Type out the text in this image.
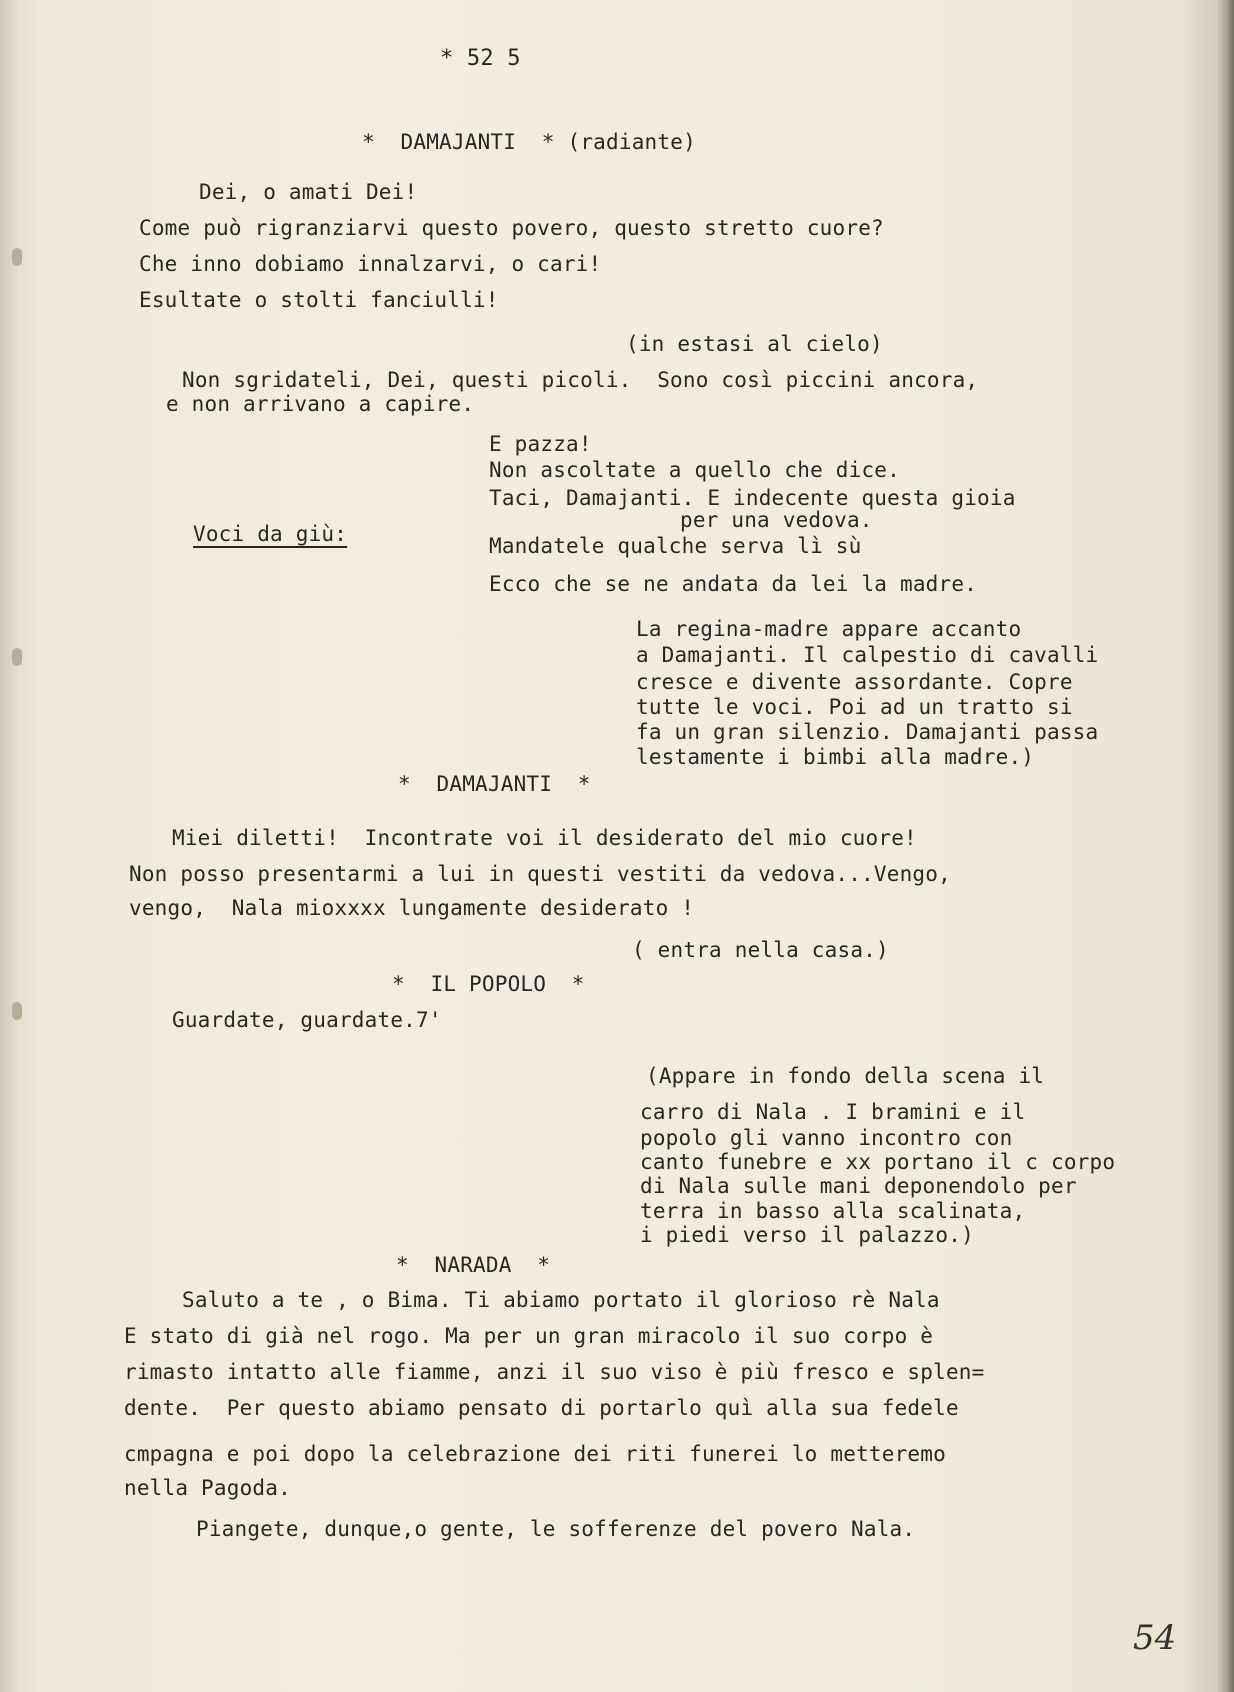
* 52 5
*  DAMAJANTI  * (radiante)
Dei, o amati Dei!
Come può rigranziarvi questo povero, questo stretto cuore?
Che inno dobiamo innalzarvi, o cari!
Esultate o stolti fanciulli!
(in estasi al cielo)
Non sgridateli, Dei, questi picoli.  Sono così piccini ancora,
e non arrivano a capire.
E pazza!
Non ascoltate a quello che dice.
Taci, Damajanti. E indecente questa gioia
per una vedova.
Voci da giù:	Mandatele qualche serva lì sù
Ecco che se ne andata da lei la madre.
La regina-madre appare accanto
a Damajanti. Il calpestio di cavalli
cresce e divente assordante. Copre
tutte le voci. Poi ad un tratto si
fa un gran silenzio. Damajanti passa
lestamente i bimbi alla madre.)
*  DAMAJANTI  *
Miei diletti!  Incontrate voi il desiderato del mio cuore!
Non posso presentarmi a lui in questi vestiti da vedova...Vengo,
vengo,  Nala mioxxxx lungamente desiderato !
( entra nella casa.)
*  IL POPOLO  *
Guardate, guardate.7'
(Appare in fondo della scena il
carro di Nala . I bramini e il
popolo gli vanno incontro con
canto funebre e xx portano il c corpo
di Nala sulle mani deponendolo per
terra in basso alla scalinata,
i piedi verso il palazzo.)
*  NARADA  *
Saluto a te , o Bima. Ti abiamo portato il glorioso rè Nala
E stato di già nel rogo. Ma per un gran miracolo il suo corpo è
rimasto intatto alle fiamme, anzi il suo viso è più fresco e splen=
dente.  Per questo abiamo pensato di portarlo quì alla sua fedele
cmpagna e poi dopo la celebrazione dei riti funerei lo metteremo
nella Pagoda.
Piangete, dunque,o gente, le sofferenze del povero Nala.
54
